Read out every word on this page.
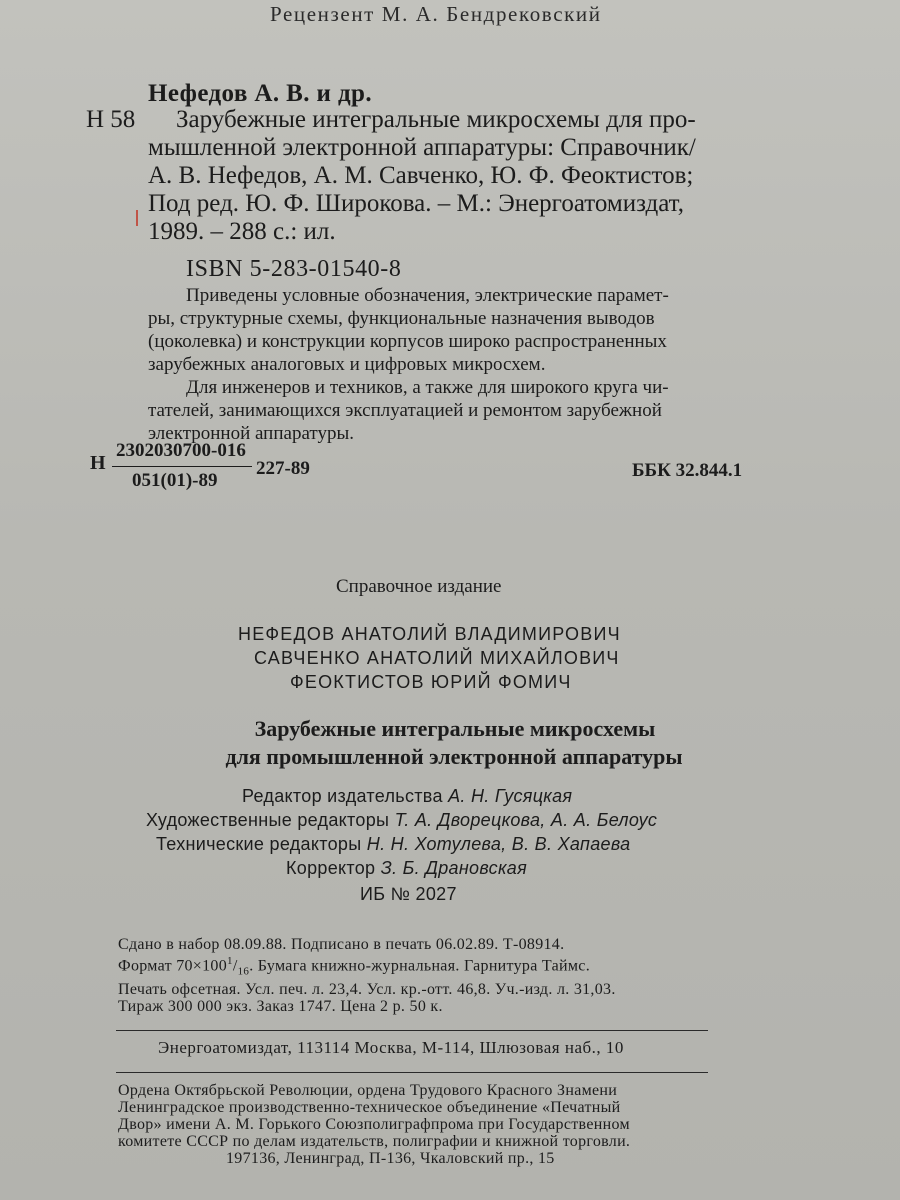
Рецензент М. А. Бендрековский
Нефедов А. В. и др.
Н 58	Зарубежные интегральные микросхемы для про-
мышленной электронной аппаратуры: Справочник/
А. В. Нефедов, А. М. Савченко, Ю. Ф. Феоктистов;
Под ред. Ю. Ф. Широкова. – М.: Энергоатомиздат,
1989. – 288 с.: ил.
ISBN 5-283-01540-8
Приведены условные обозначения, электрические парамет-
ры, структурные схемы, функциональные назначения выводов
(цоколевка) и конструкции корпусов широко распространенных
зарубежных аналоговых и цифровых микросхем.
Для инженеров и техников, а также для широкого круга чи-
тателей, занимающихся эксплуатацией и ремонтом зарубежной
электронной аппаратуры.
Н
2302030700-016
051(01)-89
227-89	ББК 32.844.1
Справочное издание
НЕФЕДОВ АНАТОЛИЙ ВЛАДИМИРОВИЧ
САВЧЕНКО АНАТОЛИЙ МИХАЙЛОВИЧ
ФЕОКТИСТОВ ЮРИЙ ФОМИЧ
Зарубежные интегральные микросхемы
для промышленной электронной аппаратуры
Редактор издательства А. Н. Гусяцкая
Художественные редакторы Т. А. Дворецкова, А. А. Белоус
Технические редакторы Н. Н. Хотулева, В. В. Хапаева
Корректор З. Б. Драновская
ИБ № 2027
Сдано в набор 08.09.88. Подписано в печать 06.02.89. Т-08914.
Формат $70\times 100^1/_{16}$. Бумага книжно-журнальная. Гарнитура Таймс.
Печать офсетная. Усл. печ. л. 23,4. Усл. кр.-отт. 46,8. Уч.-изд. л. 31,03.
Тираж 300 000 экз. Заказ 1747. Цена 2 р. 50 к.
Энергоатомиздат, 113114 Москва, М-114, Шлюзовая наб., 10
Ордена Октябрьской Революции, ордена Трудового Красного Знамени
Ленинградское производственно-техническое объединение «Печатный
Двор» имени А. М. Горького Союзполиграфпрома при Государственном
комитете СССР по делам издательств, полиграфии и книжной торговли.
197136, Ленинград, П-136, Чкаловский пр., 15
